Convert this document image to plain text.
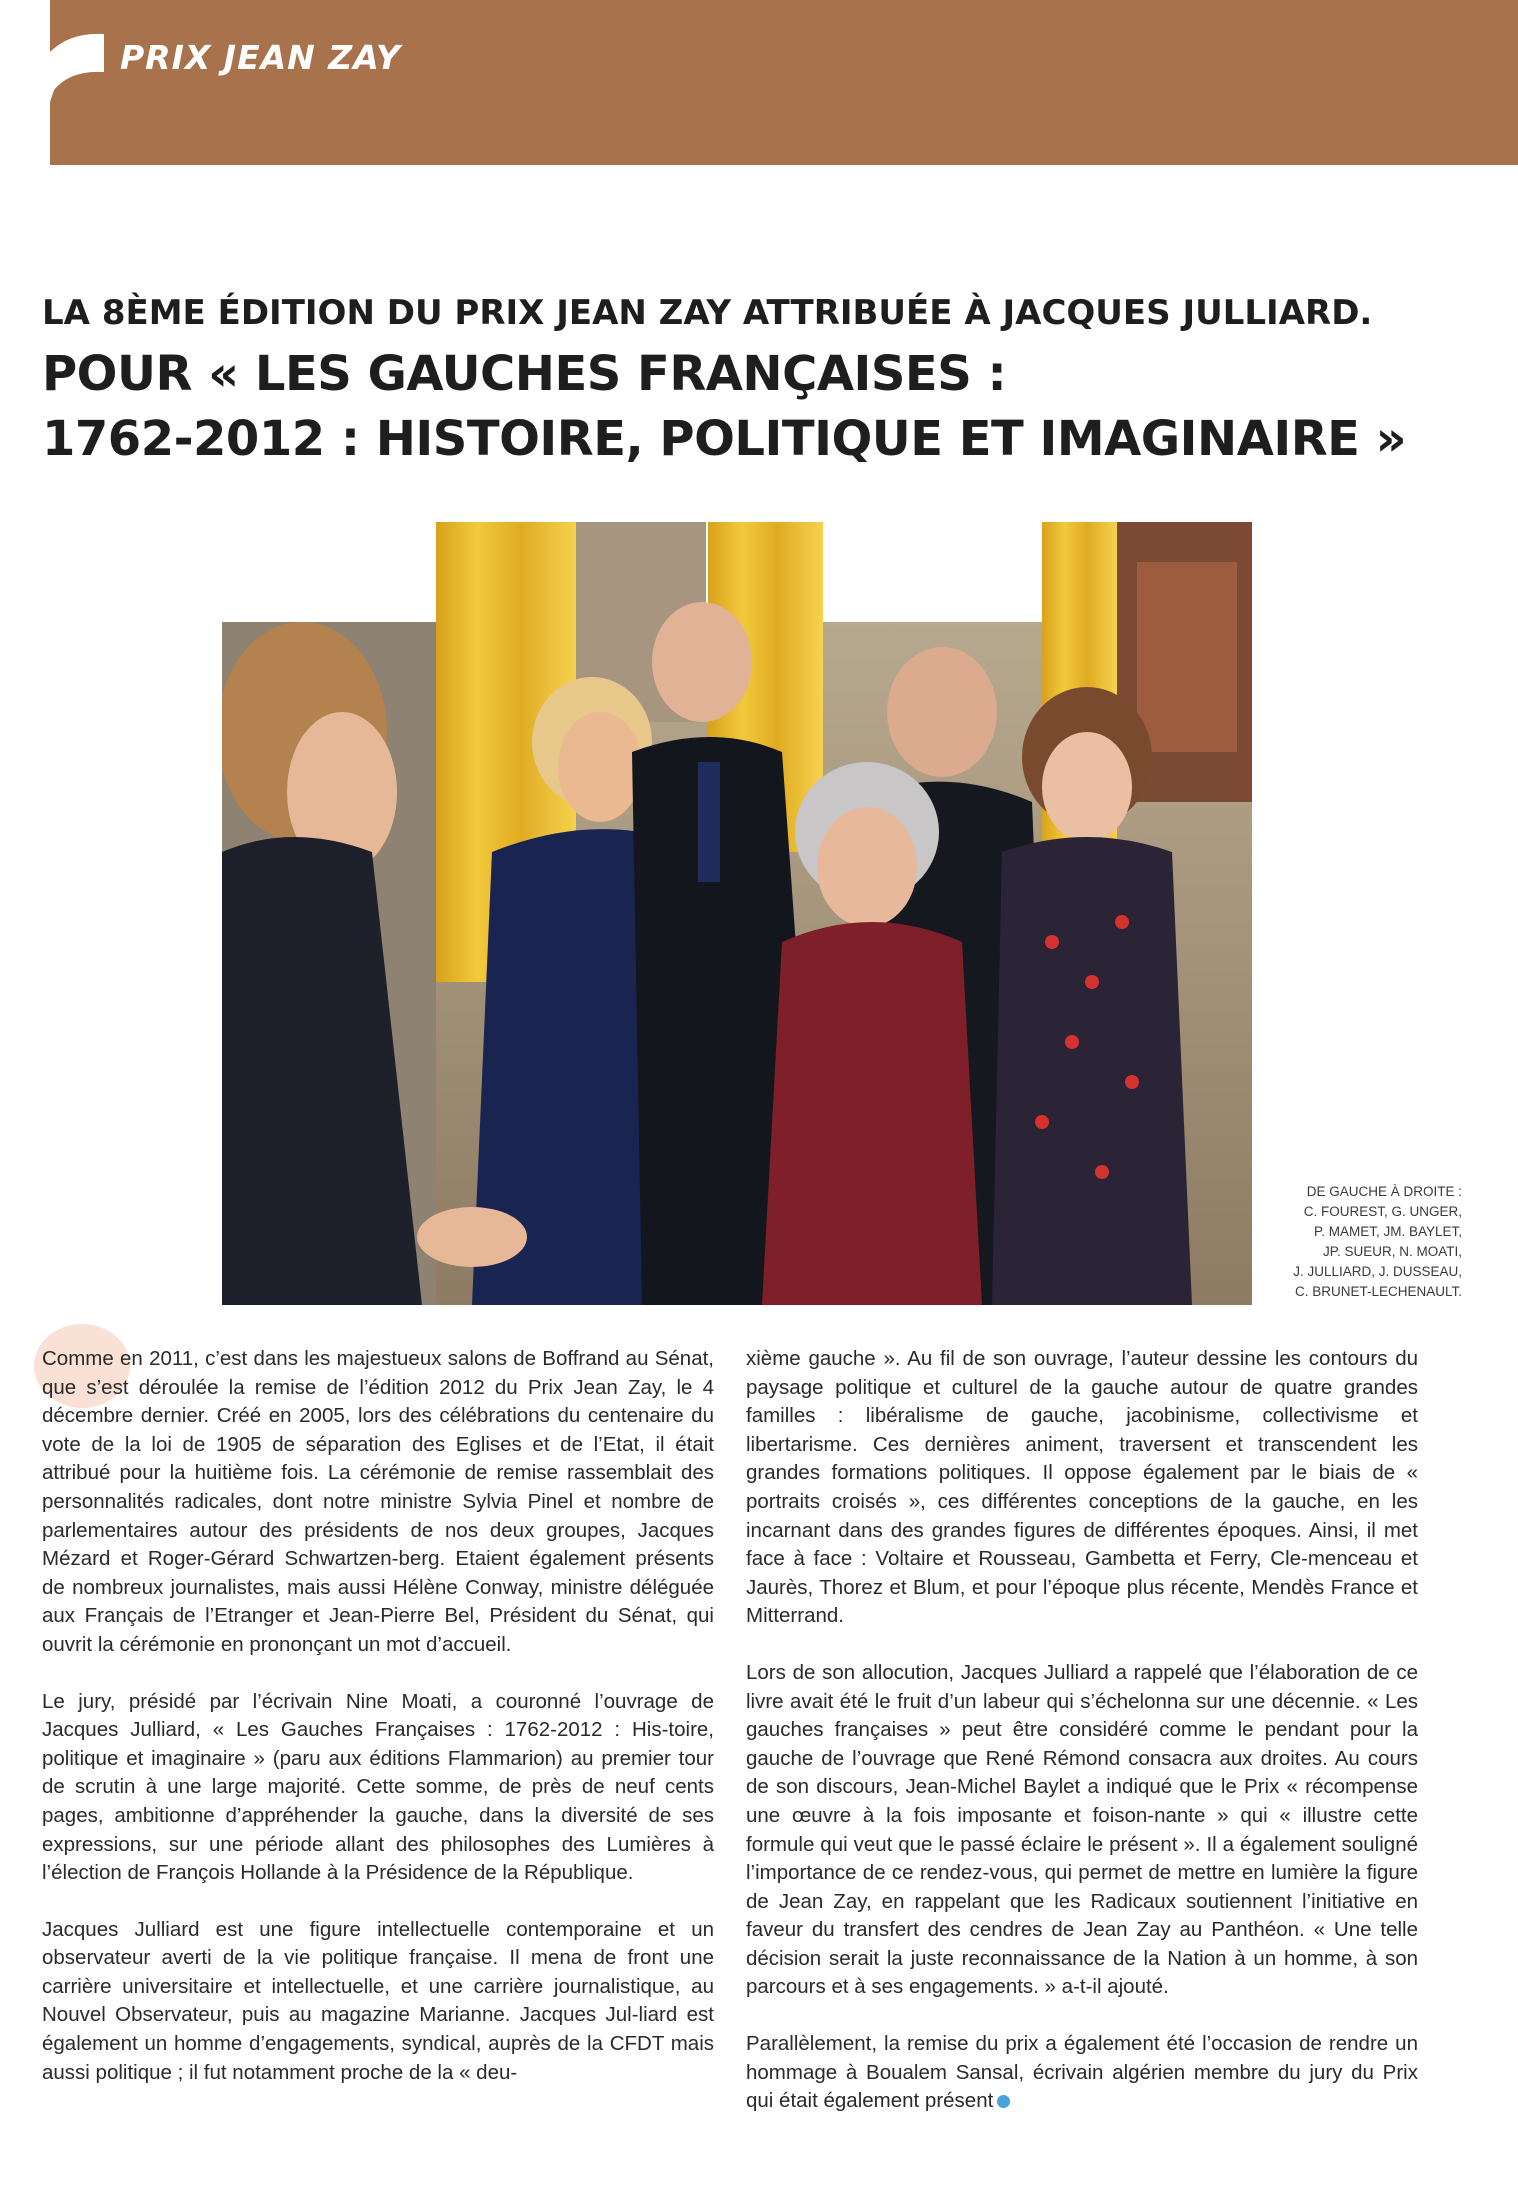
PRIX JEAN ZAY
LA 8ÈME ÉDITION DU PRIX JEAN ZAY ATTRIBUÉE À JACQUES JULLIARD.
POUR « LES GAUCHES FRANÇAISES :
1762-2012 : HISTOIRE, POLITIQUE ET IMAGINAIRE »
DE GAUCHE À DROITE :
C. FOUREST, G. UNGER,
P. MAMET, JM. BAYLET,
JP. SUEUR, N. MOATI,
J. JULLIARD, J. DUSSEAU,
C. BRUNET-LECHENAULT.

Comme en 2011, c’est dans les majestueux salons de Boffrand au Sénat, que s’est déroulée la remise de l’édition 2012 du Prix Jean Zay, le 4 décembre dernier. Créé en 2005, lors des célébrations du centenaire du vote de la loi de 1905 de séparation des Eglises et de l’Etat, il était attribué pour la huitième fois. La cérémonie de remise rassemblait des personnalités radicales, dont notre ministre Sylvia Pinel et nombre de parlementaires autour des présidents de nos deux groupes, Jacques Mézard et Roger-Gérard Schwartzen-berg. Etaient également présents de nombreux journalistes, mais aussi Hélène Conway, ministre déléguée aux Français de l’Etranger et Jean-Pierre Bel, Président du Sénat, qui ouvrit la cérémonie en prononçant un mot d’accueil.

Le jury, présidé par l’écrivain Nine Moati, a couronné l’ouvrage de Jacques Julliard, « Les Gauches Françaises : 1762-2012 : His-toire, politique et imaginaire » (paru aux éditions Flammarion) au premier tour de scrutin à une large majorité. Cette somme, de près de neuf cents pages, ambitionne d’appréhender la gauche, dans la diversité de ses expressions, sur une période allant des philosophes des Lumières à l’élection de François Hollande à la Présidence de la République.

Jacques Julliard est une figure intellectuelle contemporaine et un observateur averti de la vie politique française. Il mena de front une carrière universitaire et intellectuelle, et une carrière journalistique, au Nouvel Observateur, puis au magazine Marianne. Jacques Jul-liard est également un homme d’engagements, syndical, auprès de la CFDT mais aussi politique ; il fut notamment proche de la « deu-

xième gauche ». Au fil de son ouvrage, l’auteur dessine les contours du paysage politique et culturel de la gauche autour de quatre grandes familles : libéralisme de gauche, jacobinisme, collectivisme et libertarisme. Ces dernières animent, traversent et transcendent les grandes formations politiques. Il oppose également par le biais de « portraits croisés », ces différentes conceptions de la gauche, en les incarnant dans des grandes figures de différentes époques. Ainsi, il met face à face : Voltaire et Rousseau, Gambetta et Ferry, Cle-menceau et Jaurès, Thorez et Blum, et pour l’époque plus récente, Mendès France et Mitterrand.

Lors de son allocution, Jacques Julliard a rappelé que l’élaboration de ce livre avait été le fruit d’un labeur qui s’échelonna sur une décennie. « Les gauches françaises » peut être considéré comme le pendant pour la gauche de l’ouvrage que René Rémond consacra aux droites. Au cours de son discours, Jean-Michel Baylet a indiqué que le Prix « récompense une œuvre à la fois imposante et foison-nante » qui « illustre cette formule qui veut que le passé éclaire le présent ». Il a également souligné l’importance de ce rendez-vous, qui permet de mettre en lumière la figure de Jean Zay, en rappelant que les Radicaux soutiennent l’initiative en faveur du transfert des cendres de Jean Zay au Panthéon. « Une telle décision serait la juste reconnaissance de la Nation à un homme, à son parcours et à ses engagements. » a-t-il ajouté.

Parallèlement, la remise du prix a également été l’occasion de rendre un hommage à Boualem Sansal, écrivain algérien membre du jury du Prix qui était également présent
